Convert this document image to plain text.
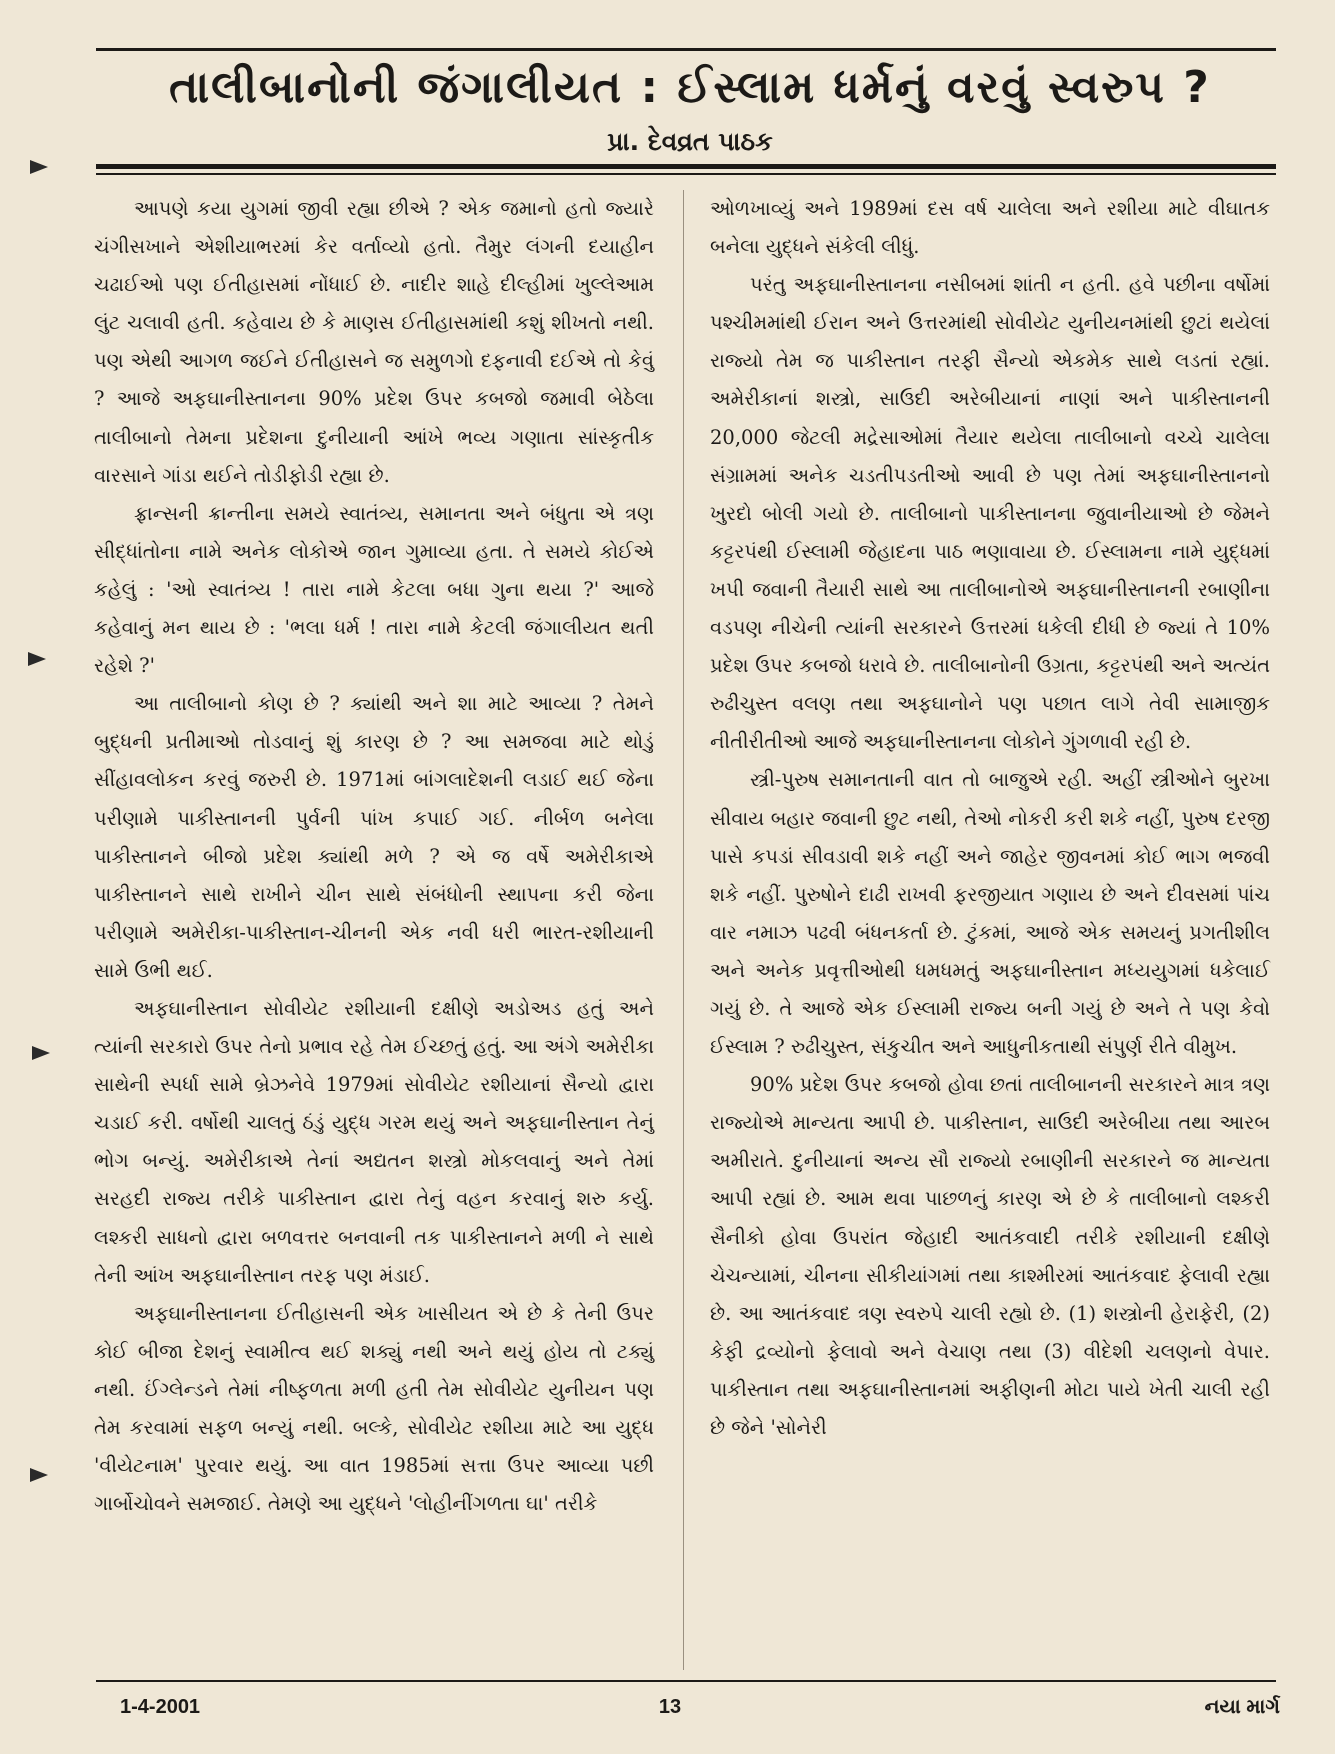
તાલીબાનોની જંગાલીયત : ઈસ્લામ ધર્મનું વરવું સ્વરુપ ?
પ્રા. દેવવ્રત પાઠક

આપણે કયા યુગમાં જીવી રહ્યા છીએ ? એક જમાનો હતો જ્યારે ચંગીસખાને એશીયાભરમાં કેર વર્તાવ્યો હતો. તૈમુર લંગની દયાહીન ચઢાઈઓ પણ ઈતીહાસમાં નોંધાઈ છે. નાદીર શાહે દીલ્હીમાં ખુલ્લેઆમ લુંટ ચલાવી હતી. કહેવાય છે કે માણસ ઈતીહાસમાંથી કશું શીખતો નથી. પણ એથી આગળ જઈને ઈતીહાસને જ સમુળગો દફનાવી દઈએ તો કેવું ? આજે અફઘાનીસ્તાનના 90% પ્રદેશ ઉપર કબજો જમાવી બેઠેલા તાલીબાનો તેમના પ્રદેશના દુનીયાની આંખે ભવ્ય ગણાતા સાંસ્કૃતીક વારસાને ગાંડા થઈને તોડીફોડી રહ્યા છે.

ફ્રાન્સની ક્રાન્તીના સમયે સ્વાતંત્ર્ય, સમાનતા અને બંધુતા એ ત્રણ સીદ્ધાંતોના નામે અનેક લોકોએ જાન ગુમાવ્યા હતા. તે સમયે કોઈએ કહેલું : 'ઓ સ્વાતંત્ર્ય ! તારા નામે કેટલા બધા ગુના થયા ?' આજે કહેવાનું મન થાય છે : 'ભલા ધર્મ ! તારા નામે કેટલી જંગાલીયત થતી રહેશે ?'

આ તાલીબાનો કોણ છે ? ક્યાંથી અને શા માટે આવ્યા ? તેમને બુદ્ધની પ્રતીમાઓ તોડવાનું શું કારણ છે ? આ સમજવા માટે થોડું સીંહાવલોકન કરવું જરુરી છે. 1971માં બાંગલાદેશની લડાઈ થઈ જેના પરીણામે પાકીસ્તાનની પુર્વની પાંખ કપાઈ ગઈ. નીર્બળ બનેલા પાકીસ્તાનને બીજો પ્રદેશ ક્યાંથી મળે ? એ જ વર્ષે અમેરીકાએ પાકીસ્તાનને સાથે રાખીને ચીન સાથે સંબંધોની સ્થાપના કરી જેના પરીણામે અમેરીકા-પાકીસ્તાન-ચીનની એક નવી ધરી ભારત-રશીયાની સામે ઉભી થઈ.

અફઘાનીસ્તાન સોવીયેટ રશીયાની દક્ષીણે અડોઅડ હતું અને ત્યાંની સરકારો ઉપર તેનો પ્રભાવ રહે તેમ ઈચ્છતું હતું. આ અંગે અમેરીકા સાથેની સ્પર્ધા સામે બ્રેઝનેવે 1979માં સોવીયેટ રશીયાનાં સૈન્યો દ્વારા ચડાઈ કરી. વર્ષોથી ચાલતું ઠંડું યુદ્ધ ગરમ થયું અને અફઘાનીસ્તાન તેનું ભોગ બન્યું. અમેરીકાએ તેનાં અદ્યતન શસ્ત્રો મોકલવાનું અને તેમાં સરહદી રાજ્ય તરીકે પાકીસ્તાન દ્વારા તેનું વહન કરવાનું શરુ કર્યુ. લશ્કરી સાધનો દ્વારા બળવત્તર બનવાની તક પાકીસ્તાનને મળી ને સાથે તેની આંખ અફઘાનીસ્તાન તરફ પણ મંડાઈ.

અફઘાનીસ્તાનના ઈતીહાસની એક ખાસીયત એ છે કે તેની ઉપર કોઈ બીજા દેશનું સ્વામીત્વ થઈ શક્યું નથી અને થયું હોય તો ટક્યું નથી. ઈંગ્લેન્ડને તેમાં નીષ્ફળતા મળી હતી તેમ સોવીયેટ યુનીયન પણ તેમ કરવામાં સફળ બન્યું નથી. બલ્કે, સોવીયેટ રશીયા માટે આ યુદ્ધ 'વીયેટનામ' પુરવાર થયું. આ વાત 1985માં સત્તા ઉપર આવ્યા પછી ગાર્બોચોવને સમજાઈ. તેમણે આ યુદ્ધને 'લોહીનીંગળતા ઘા' તરીકે

ઓળખાવ્યું અને 1989માં દસ વર્ષ ચાલેલા અને રશીયા માટે વીઘાતક બનેલા યુદ્ધને સંકેલી લીધું.

પરંતુ અફઘાનીસ્તાનના નસીબમાં શાંતી ન હતી. હવે પછીના વર્ષોમાં પશ્ચીમમાંથી ઈરાન અને ઉત્તરમાંથી સોવીયેટ યુનીયનમાંથી છુટાં થયેલાં રાજ્યો તેમ જ પાકીસ્તાન તરફી સૈન્યો એકમેક સાથે લડતાં રહ્યાં. અમેરીકાનાં શસ્ત્રો, સાઉદી અરેબીયાનાં નાણાં અને પાકીસ્તાનની 20,000 જેટલી મદ્રેસાઓમાં તૈયાર થયેલા તાલીબાનો વચ્ચે ચાલેલા સંગ્રામમાં અનેક ચડતીપડતીઓ આવી છે પણ તેમાં અફઘાનીસ્તાનનો ખુરદો બોલી ગયો છે. તાલીબાનો પાકીસ્તાનના જુવાનીયાઓ છે જેમને કટ્ટરપંથી ઈસ્લામી જેહાદના પાઠ ભણાવાયા છે. ઈસ્લામના નામે યુદ્ધમાં ખપી જવાની તૈયારી સાથે આ તાલીબાનોએ અફઘાનીસ્તાનની રબાણીના વડપણ નીચેની ત્યાંની સરકારને ઉત્તરમાં ધકેલી દીધી છે જ્યાં તે 10% પ્રદેશ ઉપર કબજો ધરાવે છે. તાલીબાનોની ઉગ્રતા, કટ્ટરપંથી અને અત્યંત રુઢીચુસ્ત વલણ તથા અફઘાનોને પણ પછાત લાગે તેવી સામાજીક નીતીરીતીઓ આજે અફઘાનીસ્તાનના લોકોને ગુંગળાવી રહી છે.

સ્ત્રી-પુરુષ સમાનતાની વાત તો બાજુએ રહી. અહીં સ્ત્રીઓને બુરખા સીવાય બહાર જવાની છુટ નથી, તેઓ નોકરી કરી શકે નહીં, પુરુષ દરજી પાસે કપડાં સીવડાવી શકે નહીં અને જાહેર જીવનમાં કોઈ ભાગ ભજવી શકે નહીં. પુરુષોને દાઢી રાખવી ફરજીયાત ગણાય છે અને દીવસમાં પાંચ વાર નમાઝ પઢવી બંધનકર્તા છે. ટુંકમાં, આજે એક સમયનું પ્રગતીશીલ અને અનેક પ્રવૃત્તીઓથી ધમધમતું અફઘાનીસ્તાન મધ્યયુગમાં ધકેલાઈ ગયું છે. તે આજે એક ઈસ્લામી રાજ્ય બની ગયું છે અને તે પણ કેવો ઈસ્લામ ? રુઢીચુસ્ત, સંકુચીત અને આધુનીકતાથી સંપુર્ણ રીતે વીમુખ.

90% પ્રદેશ ઉપર કબજો હોવા છતાં તાલીબાનની સરકારને માત્ર ત્રણ રાજ્યોએ માન્યતા આપી છે. પાકીસ્તાન, સાઉદી અરેબીયા તથા આરબ અમીરાતે. દુનીયાનાં અન્ય સૌ રાજ્યો રબાણીની સરકારને જ માન્યતા આપી રહ્યાં છે. આમ થવા પાછળનું કારણ એ છે કે તાલીબાનો લશ્કરી સૈનીકો હોવા ઉપરાંત જેહાદી આતંકવાદી તરીકે રશીયાની દક્ષીણે ચેચન્યામાં, ચીનના સીકીયાંગમાં તથા કાશ્મીરમાં આતંકવાદ ફેલાવી રહ્યા છે. આ આતંકવાદ ત્રણ સ્વરુપે ચાલી રહ્યો છે. (1) શસ્ત્રોની હેરાફેરી, (2) કેફી દ્રવ્યોનો ફેલાવો અને વેચાણ તથા (3) વીદેશી ચલણનો વેપાર. પાકીસ્તાન તથા અફઘાનીસ્તાનમાં અફીણની મોટા પાયે ખેતી ચાલી રહી છે જેને 'સોનેરી

1-4-2001	13	નયા માર્ગ
